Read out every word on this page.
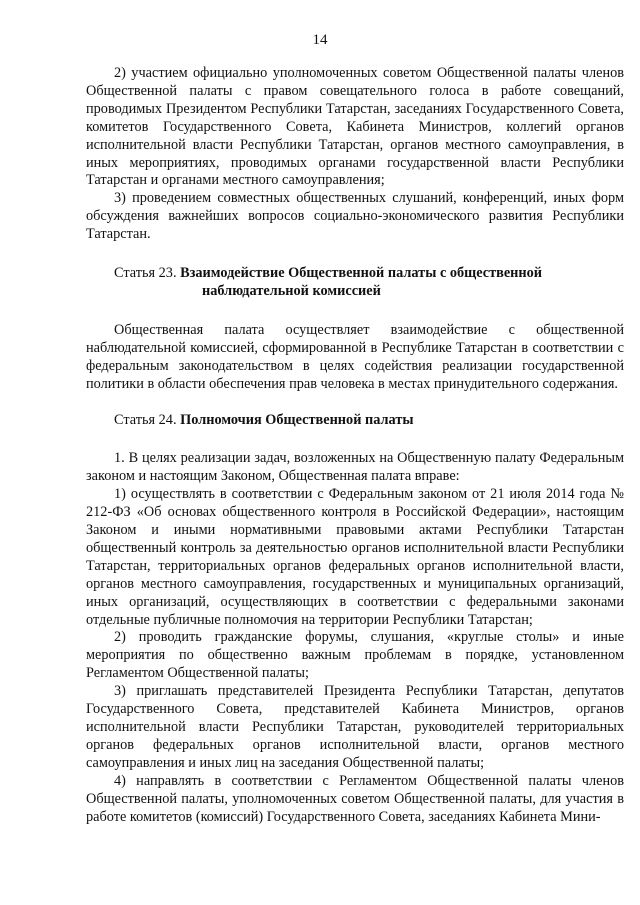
14

2) участием официально уполномоченных советом Общественной палаты членов Общественной палаты с правом совещательного голоса в работе совещаний, проводимых Президентом Республики Татарстан, заседаниях Государственного Совета, комитетов Государственного Совета, Кабинета Министров, коллегий органов исполнительной власти Республики Татарстан, органов местного самоуправления, в иных мероприятиях, проводимых органами государственной власти Республики Татарстан и органами местного самоуправления;

3) проведением совместных общественных слушаний, конференций, иных форм обсуждения важнейших вопросов социально-экономического развития Республики Татарстан.

Статья 23. Взаимодействие Общественной палаты с общественной наблюдательной комиссией

Общественная палата осуществляет взаимодействие с общественной наблюдательной комиссией, сформированной в Республике Татарстан в соответствии с федеральным законодательством в целях содействия реализации государственной политики в области обеспечения прав человека в местах принудительного содержания.

Статья 24. Полномочия Общественной палаты

1. В целях реализации задач, возложенных на Общественную палату Федеральным законом и настоящим Законом, Общественная палата вправе:

1) осуществлять в соответствии с Федеральным законом от 21 июля 2014 года № 212-ФЗ «Об основах общественного контроля в Российской Федерации», настоящим Законом и иными нормативными правовыми актами Республики Татарстан общественный контроль за деятельностью органов исполнительной власти Республики Татарстан, территориальных органов федеральных органов исполнительной власти, органов местного самоуправления, государственных и муниципальных организаций, иных организаций, осуществляющих в соответствии с федеральными законами отдельные публичные полномочия на территории Республики Татарстан;

2) проводить гражданские форумы, слушания, «круглые столы» и иные мероприятия по общественно важным проблемам в порядке, установленном Регламентом Общественной палаты;

3) приглашать представителей Президента Республики Татарстан, депутатов Государственного Совета, представителей Кабинета Министров, органов исполнительной власти Республики Татарстан, руководителей территориальных органов федеральных органов исполнительной власти, органов местного самоуправления и иных лиц на заседания Общественной палаты;

4) направлять в соответствии с Регламентом Общественной палаты членов Общественной палаты, уполномоченных советом Общественной палаты, для участия в работе комитетов (комиссий) Государственного Совета, заседаниях Кабинета Мини-
